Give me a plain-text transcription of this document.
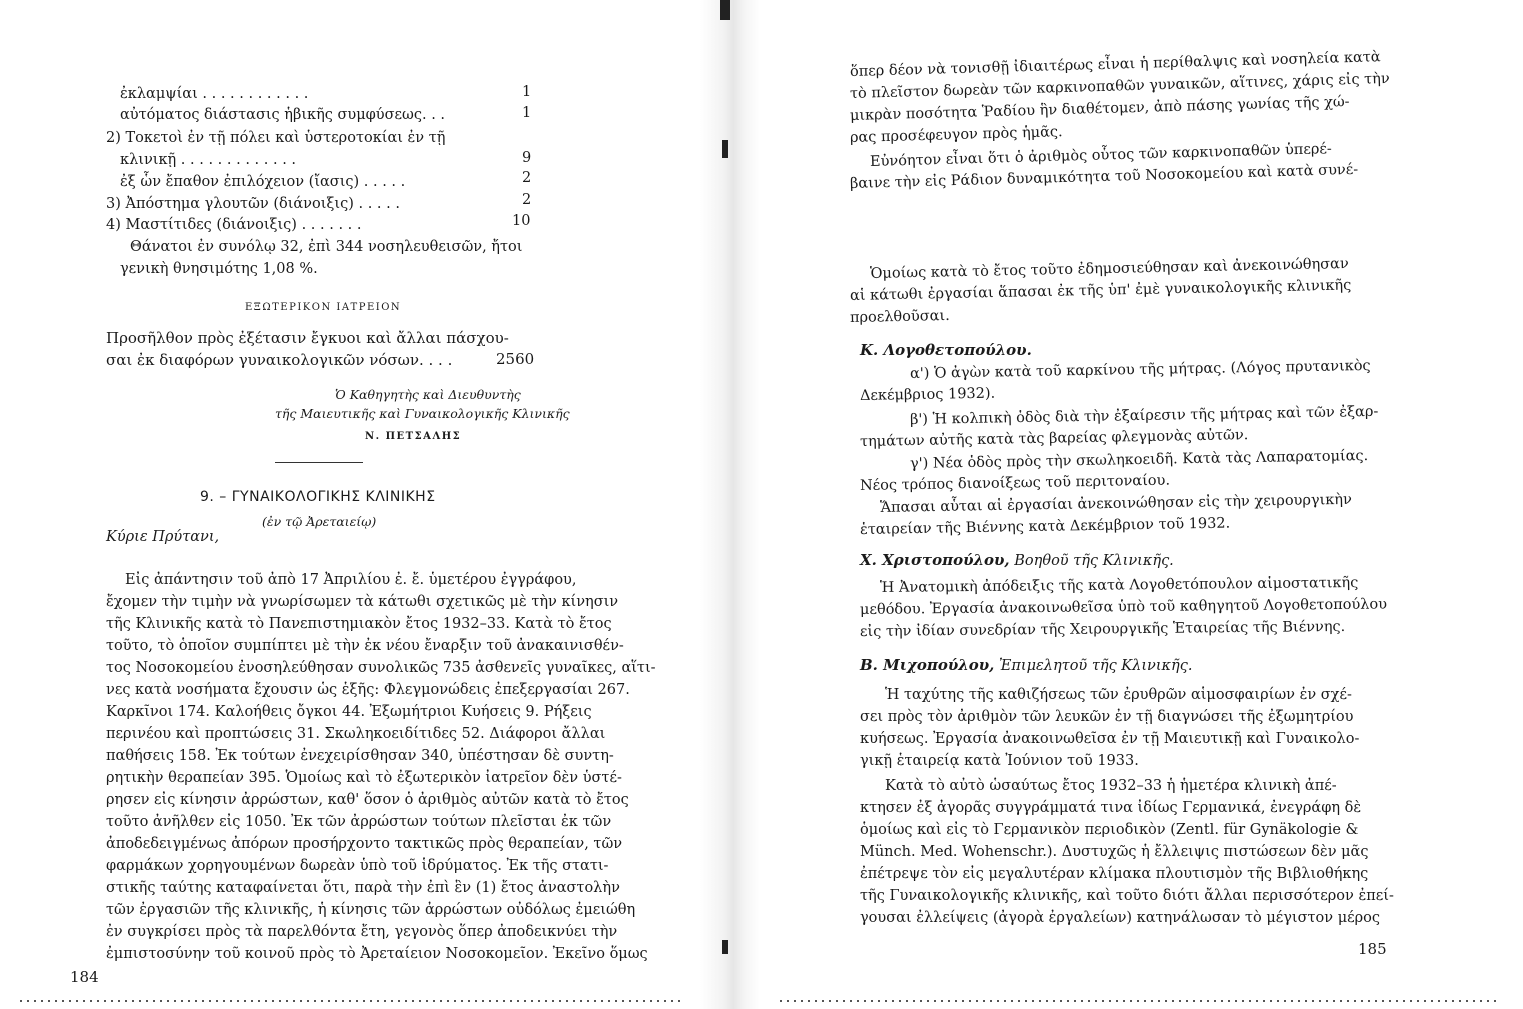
ἐκλαμψίαι . . . . . . . . . . . .	1
αὐτόματος διάστασις ἡβικῆς συμφύσεως. . .	1
2) Τοκετοὶ ἐν τῇ πόλει καὶ ὑστεροτοκίαι ἐν τῇ
κλινικῇ . . . . . . . . . . . . .	9
ἐξ ὧν ἔπαθον ἐπιλόχειον (ἴασις) . . . . .	2
3) Ἀπόστημα γλουτῶν (διάνοιξις) . . . . .	2
4) Μαστίτιδες (διάνοιξις) . . . . . . .	10
Θάνατοι ἐν συνόλῳ 32, ἐπὶ 344 νοσηλευθεισῶν, ἤτοι
γενικὴ θνησιμότης 1,08 %.
ΕΞΩΤΕΡΙΚΟΝ ΙΑΤΡΕΙΟΝ
Προσῆλθον πρὸς ἐξέτασιν ἔγκυοι καὶ ἄλλαι πάσχου-
σαι ἐκ διαφόρων γυναικολογικῶν νόσων. . . .	2560
Ὁ Καθηγητὴς καὶ Διευθυντὴς
τῆς Μαιευτικῆς καὶ Γυναικολογικῆς Κλινικῆς
Ν. ΠΕΤΣΑΛΗΣ
9. – ΓΥΝΑΙΚΟΛΟΓΙΚΗΣ ΚΛΙΝΙΚΗΣ
(ἐν τῷ Ἀρεταιείῳ)
Κύριε Πρύτανι,
Εἰς ἀπάντησιν τοῦ ἀπὸ 17 Ἀπριλίου ἐ. ἔ. ὑμετέρου ἐγγράφου,
ἔχομεν τὴν τιμὴν νὰ γνωρίσωμεν τὰ κάτωθι σχετικῶς μὲ τὴν κίνησιν
τῆς Κλινικῆς κατὰ τὸ Πανεπιστημιακὸν ἔτος 1932–33. Κατὰ τὸ ἔτος
τοῦτο, τὸ ὁποῖον συμπίπτει μὲ τὴν ἐκ νέου ἔναρξιν τοῦ ἀνακαινισθέν-
τος Νοσοκομείου ἐνοσηλεύθησαν συνολικῶς 735 ἀσθενεῖς γυναῖκες, αἵτι-
νες κατὰ νοσήματα ἔχουσιν ὡς ἑξῆς: Φλεγμονώδεις ἐπεξεργασίαι 267.
Καρκῖνοι 174. Καλοήθεις ὄγκοι 44. Ἐξωμήτριοι Κυήσεις 9. Ρήξεις
περινέου καὶ προπτώσεις 31. Σκωληκοειδίτιδες 52. Διάφοροι ἄλλαι
παθήσεις 158. Ἐκ τούτων ἐνεχειρίσθησαν 340, ὑπέστησαν δὲ συντη-
ρητικὴν θεραπείαν 395. Ὁμοίως καὶ τὸ ἐξωτερικὸν ἰατρεῖον δὲν ὑστέ-
ρησεν εἰς κίνησιν ἀρρώστων, καθ' ὅσον ὁ ἀριθμὸς αὐτῶν κατὰ τὸ ἔτος
τοῦτο ἀνῆλθεν εἰς 1050. Ἐκ τῶν ἀρρώστων τούτων πλεῖσται ἐκ τῶν
ἀποδεδειγμένως ἀπόρων προσήρχοντο τακτικῶς πρὸς θεραπείαν, τῶν
φαρμάκων χορηγουμένων δωρεὰν ὑπὸ τοῦ ἱδρύματος. Ἐκ τῆς στατι-
στικῆς ταύτης καταφαίνεται ὅτι, παρὰ τὴν ἐπὶ ἓν (1) ἔτος ἀναστολὴν
τῶν ἐργασιῶν τῆς κλινικῆς, ἡ κίνησις τῶν ἀρρώστων οὐδόλως ἐμειώθη
ἐν συγκρίσει πρὸς τὰ παρελθόντα ἔτη, γεγονὸς ὅπερ ἀποδεικνύει τὴν
ἐμπιστοσύνην τοῦ κοινοῦ πρὸς τὸ Ἀρεταίειον Νοσοκομεῖον. Ἐκεῖνο ὅμως
184
ὅπερ δέον νὰ τονισθῇ ἰδιαιτέρως εἶναι ἡ περίθαλψις καὶ νοσηλεία κατὰ
τὸ πλεῖστον δωρεὰν τῶν καρκινοπαθῶν γυναικῶν, αἵτινες, χάρις εἰς τὴν
μικρὰν ποσότητα Ῥαδίου ἣν διαθέτομεν, ἀπὸ πάσης γωνίας τῆς χώ-
ρας προσέφευγον πρὸς ἡμᾶς.
Εὐνόητον εἶναι ὅτι ὁ ἀριθμὸς οὗτος τῶν καρκινοπαθῶν ὑπερέ-
βαινε τὴν εἰς Ράδιον δυναμικότητα τοῦ Νοσοκομείου καὶ κατὰ συνέ-
Ὁμοίως κατὰ τὸ ἔτος τοῦτο ἐδημοσιεύθησαν καὶ ἀνεκοινώθησαν
αἱ κάτωθι ἐργασίαι ἅπασαι ἐκ τῆς ὑπ' ἐμὲ γυναικολογικῆς κλινικῆς
προελθοῦσαι.
Κ. Λογοθετοπούλου.
α') Ὁ ἀγὼν κατὰ τοῦ καρκίνου τῆς μήτρας. (Λόγος πρυτανικὸς
Δεκέμβριος 1932).
β') Ἡ κολπικὴ ὁδὸς διὰ τὴν ἐξαίρεσιν τῆς μήτρας καὶ τῶν ἐξαρ-
τημάτων αὐτῆς κατὰ τὰς βαρείας φλεγμονὰς αὐτῶν.
γ') Νέα ὁδὸς πρὸς τὴν σκωληκοειδῆ. Κατὰ τὰς Λαπαρατομίας.
Νέος τρόπος διανοίξεως τοῦ περιτοναίου.
Ἅπασαι αὗται αἱ ἐργασίαι ἀνεκοινώθησαν εἰς τὴν χειρουργικὴν
ἑταιρείαν τῆς Βιέννης κατὰ Δεκέμβριον τοῦ 1932.
Χ. Χριστοπούλου, Βοηθοῦ τῆς Κλινικῆς.
Ἡ Ἀνατομικὴ ἀπόδειξις τῆς κατὰ Λογοθετόπουλον αἱμοστατικῆς
μεθόδου. Ἐργασία ἀνακοινωθεῖσα ὑπὸ τοῦ καθηγητοῦ Λογοθετοπούλου
εἰς τὴν ἰδίαν συνεδρίαν τῆς Χειρουργικῆς Ἑταιρείας τῆς Βιέννης.
Β. Μιχοπούλου, Ἐπιμελητοῦ τῆς Κλινικῆς.
Ἡ ταχύτης τῆς καθιζήσεως τῶν ἐρυθρῶν αἱμοσφαιρίων ἐν σχέ-
σει πρὸς τὸν ἀριθμὸν τῶν λευκῶν ἐν τῇ διαγνώσει τῆς ἐξωμητρίου
κυήσεως. Ἐργασία ἀνακοινωθεῖσα ἐν τῇ Μαιευτικῇ καὶ Γυναικολο-
γικῇ ἑταιρείᾳ κατὰ Ἰούνιον τοῦ 1933.
Κατὰ τὸ αὐτὸ ὡσαύτως ἔτος 1932–33 ἡ ἡμετέρα κλινικὴ ἀπέ-
κτησεν ἐξ ἀγορᾶς συγγράμματά τινα ἰδίως Γερμανικά, ἐνεγράφη δὲ
ὁμοίως καὶ εἰς τὸ Γερμανικὸν περιοδικὸν (Zentl. für Gynäkologie &
Münch. Med. Wohenschr.). Δυστυχῶς ἡ ἔλλειψις πιστώσεων δὲν μᾶς
ἐπέτρεψε τὸν εἰς μεγαλυτέραν κλίμακα πλουτισμὸν τῆς Βιβλιοθήκης
τῆς Γυναικολογικῆς κλινικῆς, καὶ τοῦτο διότι ἄλλαι περισσότερον ἐπεί-
γουσαι ἐλλείψεις (ἀγορὰ ἐργαλείων) κατηνάλωσαν τὸ μέγιστον μέρος
185
